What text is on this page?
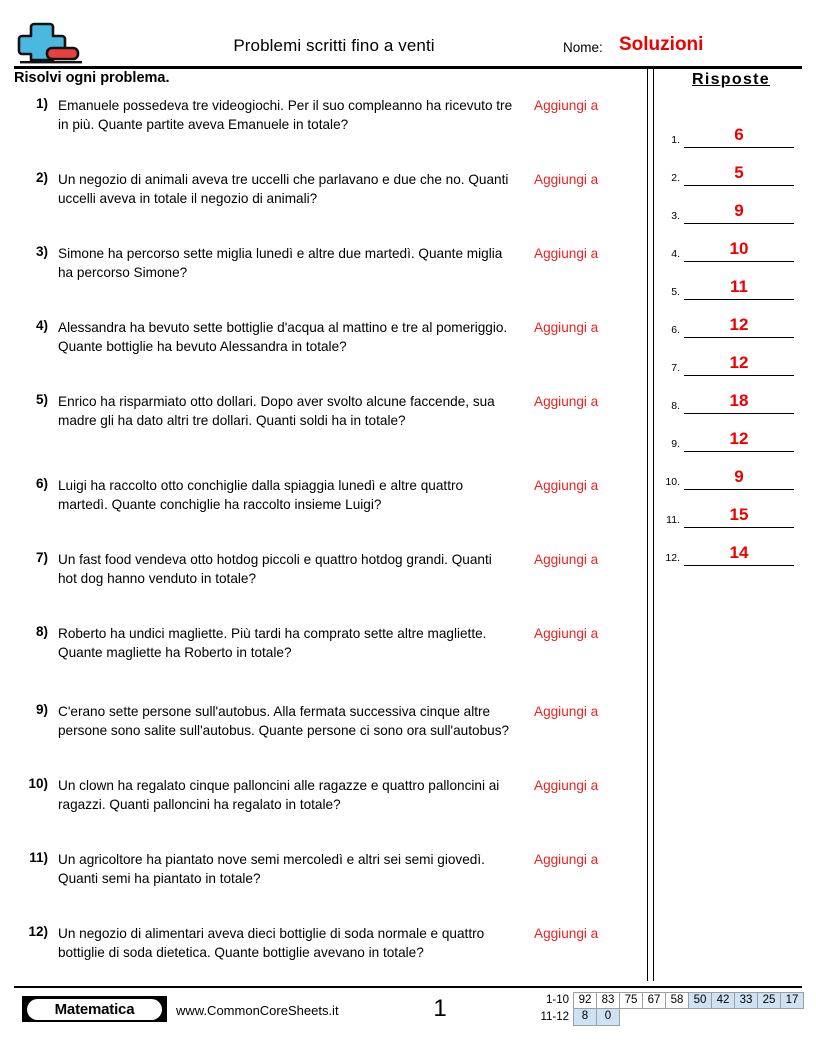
Problemi scritti fino a venti	Nome: Soluzioni
Risolvi ogni problema.
1) Emanuele possedeva tre videogiochi. Per il suo compleanno ha ricevuto tre in più. Quante partite aveva Emanuele in totale?
Aggiungi a
2) Un negozio di animali aveva tre uccelli che parlavano e due che no. Quanti uccelli aveva in totale il negozio di animali?
Aggiungi a
3) Simone ha percorso sette miglia lunedì e altre due martedì. Quante miglia ha percorso Simone?
Aggiungi a
4) Alessandra ha bevuto sette bottiglie d'acqua al mattino e tre al pomeriggio. Quante bottiglie ha bevuto Alessandra in totale?
Aggiungi a
5) Enrico ha risparmiato otto dollari. Dopo aver svolto alcune faccende, sua madre gli ha dato altri tre dollari. Quanti soldi ha in totale?
Aggiungi a
6) Luigi ha raccolto otto conchiglie dalla spiaggia lunedì e altre quattro martedì. Quante conchiglie ha raccolto insieme Luigi?
Aggiungi a
7) Un fast food vendeva otto hotdog piccoli e quattro hotdog grandi. Quanti hot dog hanno venduto in totale?
Aggiungi a
8) Roberto ha undici magliette. Più tardi ha comprato sette altre magliette. Quante magliette ha Roberto in totale?
Aggiungi a
9) C'erano sette persone sull'autobus. Alla fermata successiva cinque altre persone sono salite sull'autobus. Quante persone ci sono ora sull'autobus?
Aggiungi a
10) Un clown ha regalato cinque palloncini alle ragazze e quattro palloncini ai ragazzi. Quanti palloncini ha regalato in totale?
Aggiungi a
11) Un agricoltore ha piantato nove semi mercoledì e altri sei semi giovedì. Quanti semi ha piantato in totale?
Aggiungi a
12) Un negozio di alimentari aveva dieci bottiglie di soda normale e quattro bottiglie di soda dietetica. Quante bottiglie avevano in totale?
Aggiungi a
Risposte
1.	6
2.	5
3.	9
4.	10
5.	11
6.	12
7.	12
8.	18
9.	12
10.	9
11.	15
12.	14
Matematica	www.CommonCoreSheets.it	1	1-10 92 83 75 67 58 50 42 33 25 17
11-12	8	0
